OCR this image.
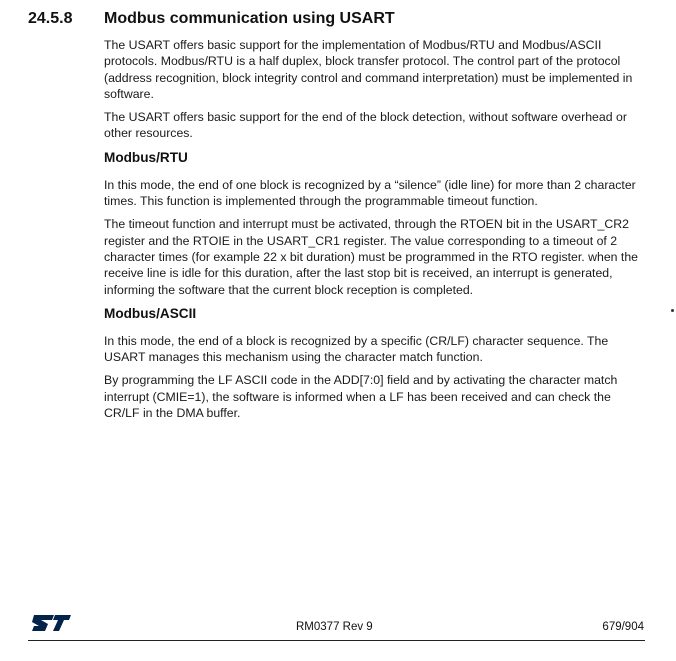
24.5.8 Modbus communication using USART

The USART offers basic support for the implementation of Modbus/RTU and Modbus/ASCII protocols. Modbus/RTU is a half duplex, block transfer protocol. The control part of the protocol (address recognition, block integrity control and command interpretation) must be implemented in software.

The USART offers basic support for the end of the block detection, without software overhead or other resources.

Modbus/RTU

In this mode, the end of one block is recognized by a “silence” (idle line) for more than 2 character times. This function is implemented through the programmable timeout function.

The timeout function and interrupt must be activated, through the RTOEN bit in the USART_CR2 register and the RTOIE in the USART_CR1 register. The value corresponding to a timeout of 2 character times (for example 22 x bit duration) must be programmed in the RTO register. when the receive line is idle for this duration, after the last stop bit is received, an interrupt is generated, informing the software that the current block reception is completed.

Modbus/ASCII

In this mode, the end of a block is recognized by a specific (CR/LF) character sequence. The USART manages this mechanism using the character match function.

By programming the LF ASCII code in the ADD[7:0] field and by activating the character match interrupt (CMIE=1), the software is informed when a LF has been received and can check the CR/LF in the DMA buffer.

RM0377 Rev 9	679/904
